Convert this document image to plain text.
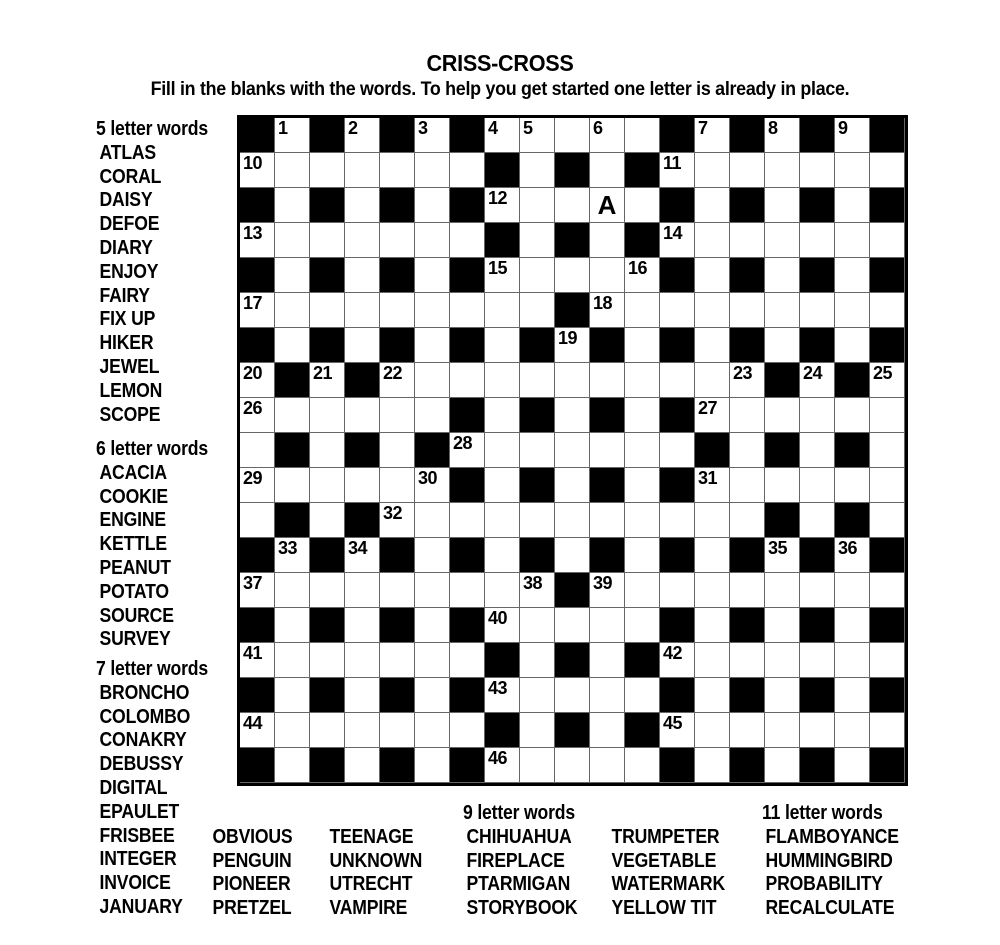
CRISS-CROSS
Fill in the blanks with the words. To help you get started one letter is already in place.
1	2	3	4 5	6	7	8	9
10	11
12	A
13	14
15	16
17	18
19
20	21	22	23	24	25
26	27
28
29	30	31
32
33	34	35	36
37	38	39
40
41	42
43
44	45
46
5 letter words
ATLAS
CORAL
DAISY
DEFOE
DIARY
ENJOY
FAIRY
FIX UP
HIKER
JEWEL
LEMON
SCOPE
6 letter words
ACACIA
COOKIE
ENGINE
KETTLE
PEANUT
POTATO
SOURCE
SURVEY
7 letter words
BRONCHO
COLOMBO
CONAKRY
DEBUSSY
DIGITAL
EPAULET
FRISBEE
INTEGER
INVOICE
JANUARY

OBVIOUS
PENGUIN
PIONEER
PRETZEL

TEENAGE
UNKNOWN
UTRECHT
VAMPIRE
9 letter words
CHIHUAHUA
FIREPLACE
PTARMIGAN
STORYBOOK

TRUMPETER
VEGETABLE
WATERMARK
YELLOW TIT
11 letter words
FLAMBOYANCE
HUMMINGBIRD
PROBABILITY
RECALCULATE
